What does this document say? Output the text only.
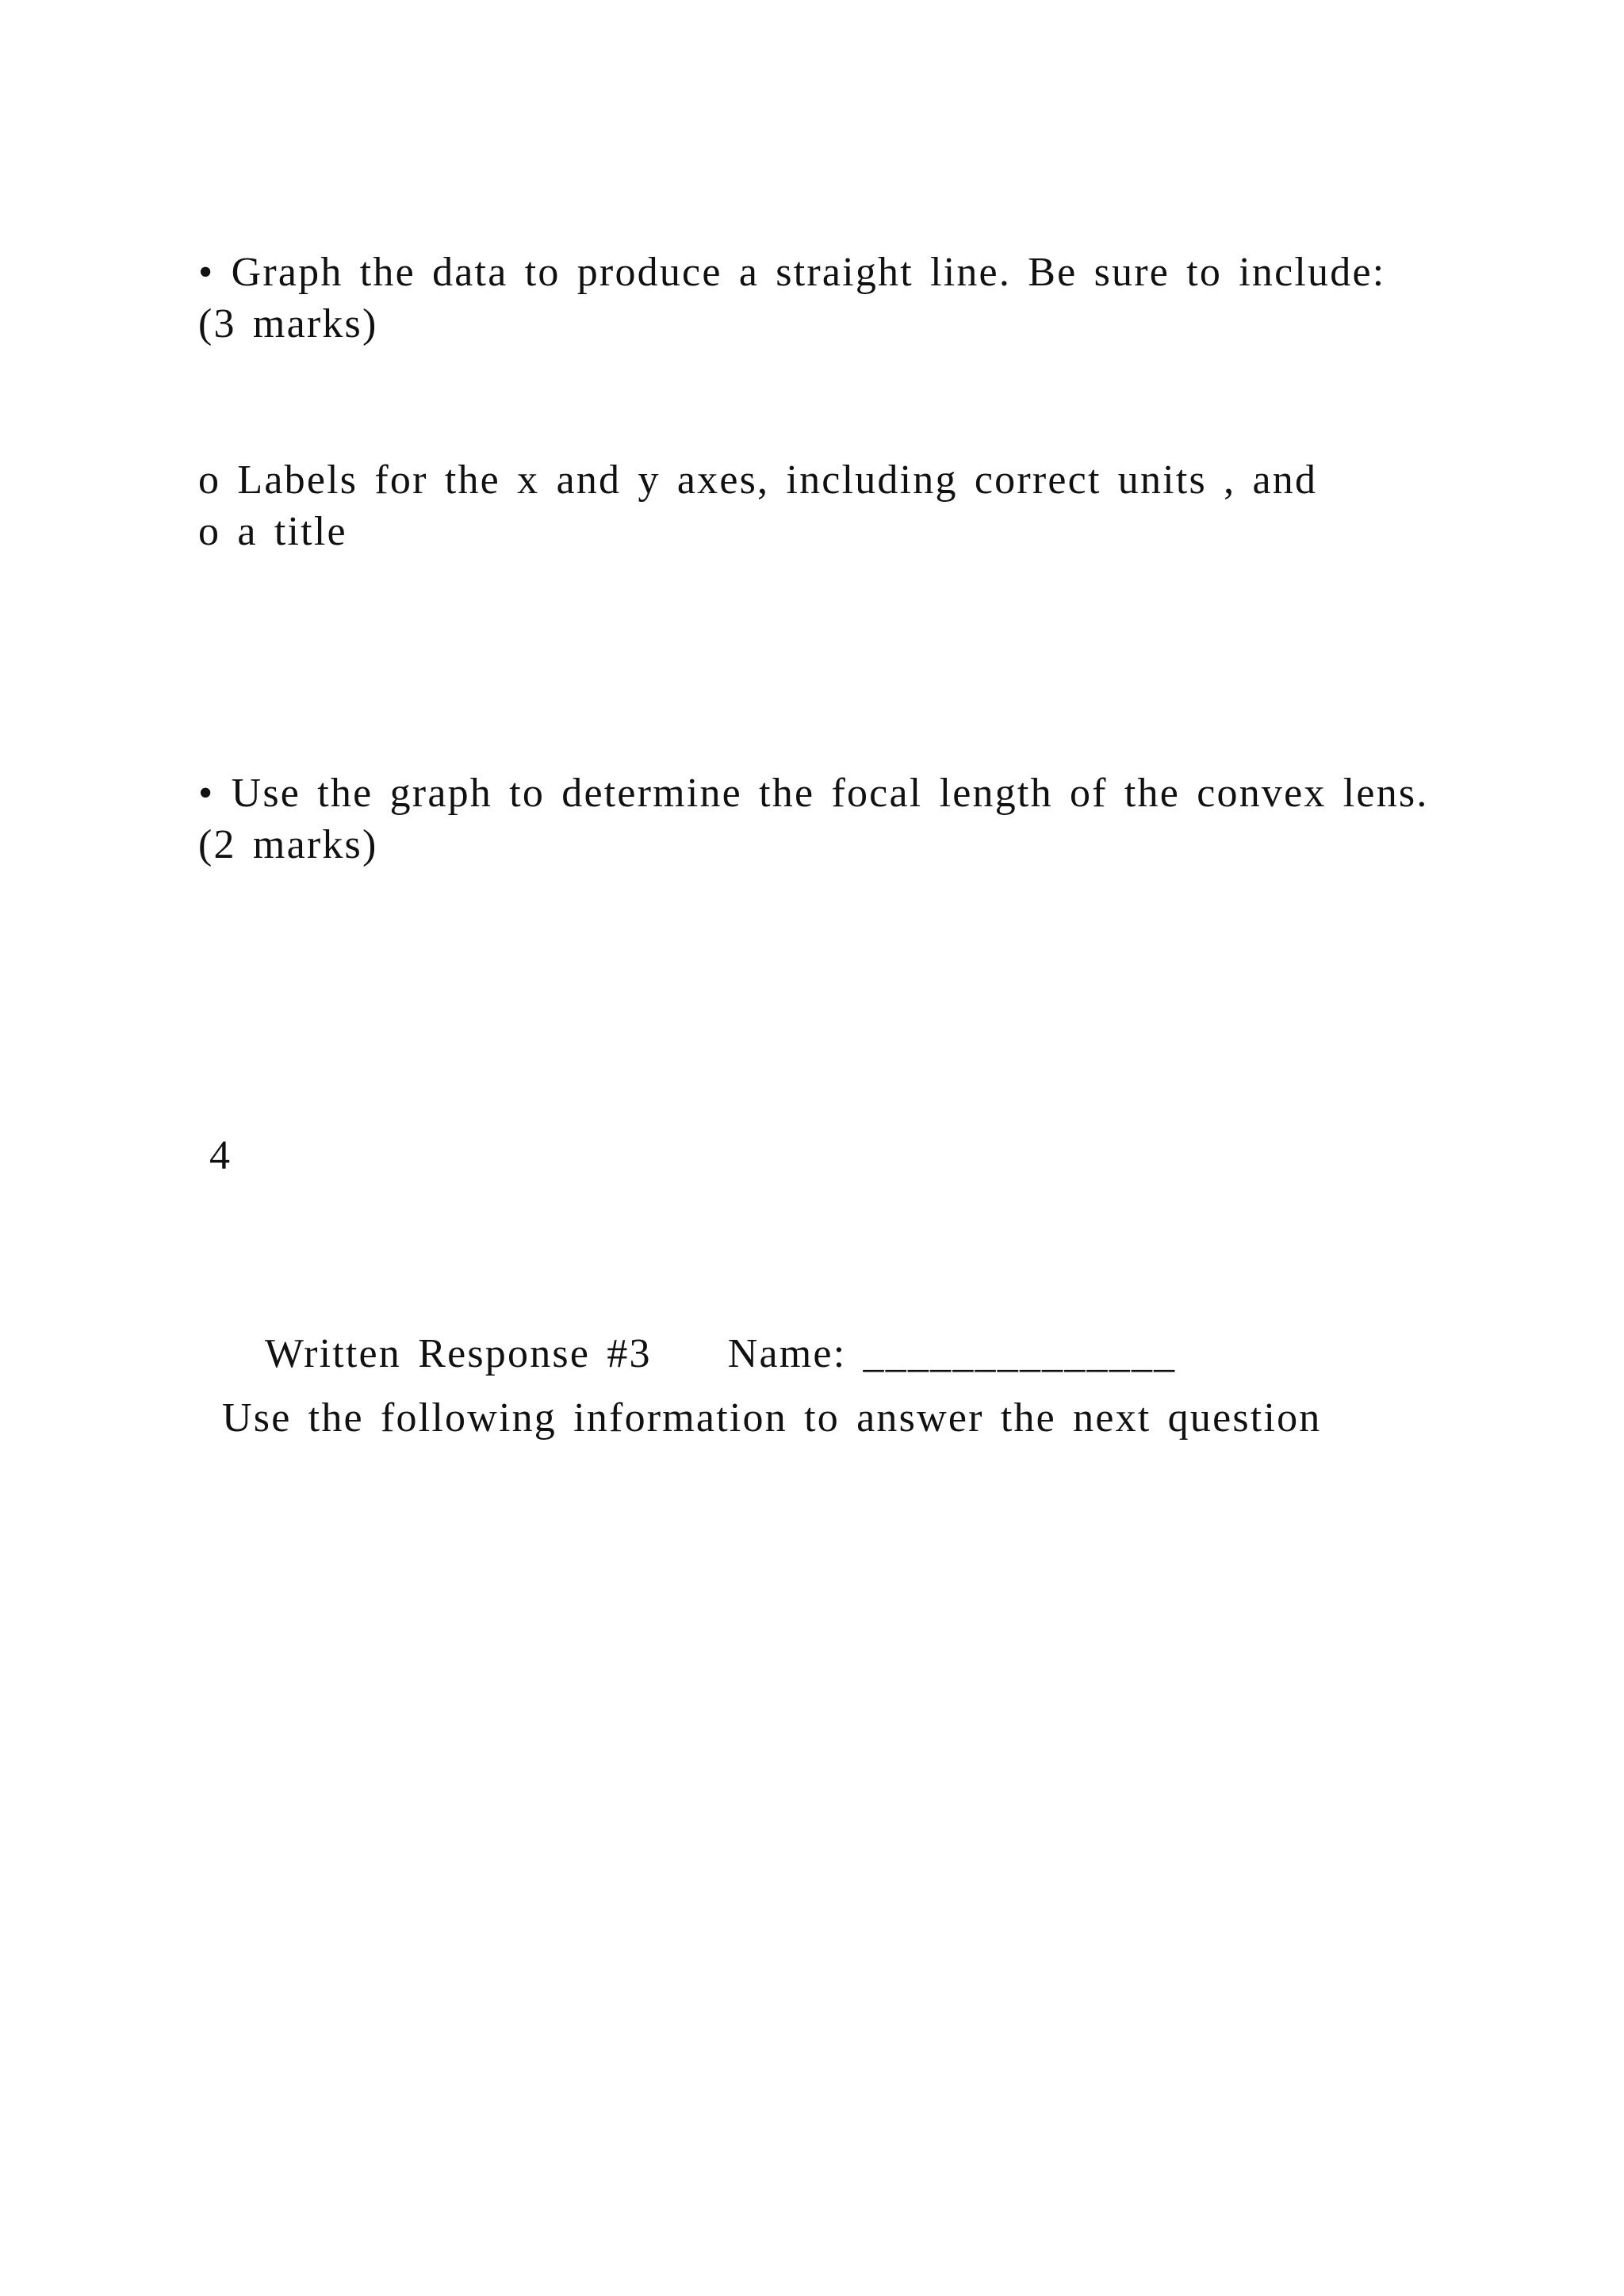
• Graph the data to produce a straight line. Be sure to include:
(3 marks)
o Labels for the x and y axes, including correct units , and
o a title
• Use the graph to determine the focal length of the convex lens.
(2 marks)
4

Written Response #3 Name: ______________

Use the following information to answer the next question
